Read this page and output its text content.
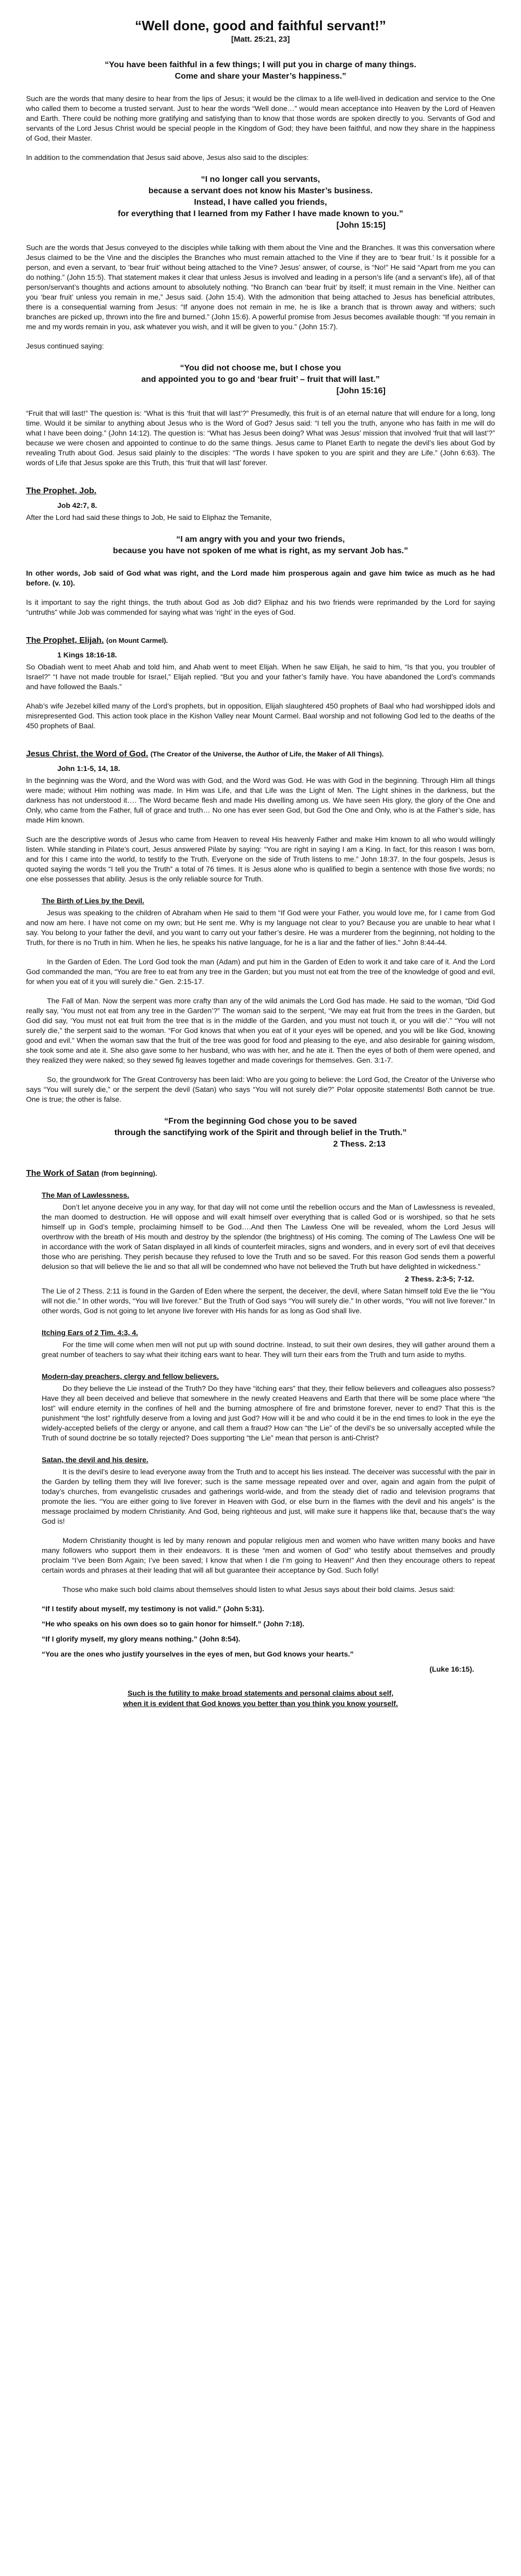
“Well done, good and faithful servant!”
[Matt. 25:21, 23]
“You have been faithful in a few things; I will put you in charge of many things.
Come and share your Master’s happiness.”

Such are the words that many desire to hear from the lips of Jesus; it would be the climax to a life well-lived in dedication and service to the One who called them to become a trusted servant. Just to hear the words “Well done…” would mean acceptance into Heaven by the Lord of Heaven and Earth. There could be nothing more gratifying and satisfying than to know that those words are spoken directly to you. Servants of God and servants of the Lord Jesus Christ would be special people in the Kingdom of God; they have been faithful, and now they share in the happiness of God, their Master.

In addition to the commendation that Jesus said above, Jesus also said to the disciples:

“I no longer call you servants,
because a servant does not know his Master’s business.
Instead, I have called you friends,
for everything that I learned from my Father I have made known to you.”
[John 15:15]

Such are the words that Jesus conveyed to the disciples while talking with them about the Vine and the Branches. It was this conversation where Jesus claimed to be the Vine and the disciples the Branches who must remain attached to the Vine if they are to ‘bear fruit.’ Is it possible for a person, and even a servant, to ‘bear fruit’ without being attached to the Vine? Jesus’ answer, of course, is “No!” He said “Apart from me you can do nothing.” (John 15:5). That statement makes it clear that unless Jesus is involved and leading in a person’s life (and a servant’s life), all of that person/servant’s thoughts and actions amount to absolutely nothing. “No Branch can ‘bear fruit’ by itself; it must remain in the Vine. Neither can you ‘bear fruit’ unless you remain in me,” Jesus said. (John 15:4). With the admonition that being attached to Jesus has beneficial attributes, there is a consequential warning from Jesus: “If anyone does not remain in me, he is like a branch that is thrown away and withers; such branches are picked up, thrown into the fire and burned.” (John 15:6). A powerful promise from Jesus becomes available though: “If you remain in me and my words remain in you, ask whatever you wish, and it will be given to you.” (John 15:7).

Jesus continued saying:

“You did not choose me, but I chose you
and appointed you to go and ‘bear fruit’ – fruit that will last.”
[John 15:16]

“Fruit that will last!” The question is: “What is this ‘fruit that will last’?” Presumedly, this fruit is of an eternal nature that will endure for a long, long time. Would it be similar to anything about Jesus who is the Word of God? Jesus said: “I tell you the truth, anyone who has faith in me will do what I have been doing.” (John 14:12). The question is: “What has Jesus been doing? What was Jesus’ mission that involved ‘fruit that will last’?” because we were chosen and appointed to continue to do the same things. Jesus came to Planet Earth to negate the devil’s lies about God by revealing Truth about God. Jesus said plainly to the disciples: “The words I have spoken to you are spirit and they are Life.” (John 6:63). The words of Life that Jesus spoke are this Truth, this ‘fruit that will last’ forever.

The Prophet, Job.
Job 42:7, 8.

After the Lord had said these things to Job, He said to Eliphaz the Temanite,

“I am angry with you and your two friends,
because you have not spoken of me what is right, as my servant Job has.”

In other words, Job said of God what was right, and the Lord made him prosperous again and gave him twice as much as he had before. (v. 10).

Is it important to say the right things, the truth about God as Job did? Eliphaz and his two friends were reprimanded by the Lord for saying “untruths” while Job was commended for saying what was ‘right’ in the eyes of God.

The Prophet, Elijah. (on Mount Carmel).
1 Kings 18:16-18.

So Obadiah went to meet Ahab and told him, and Ahab went to meet Elijah. When he saw Elijah, he said to him, “Is that you, you troubler of Israel?” “I have not made trouble for Israel,” Elijah replied. “But you and your father’s family have. You have abandoned the Lord’s commands and have followed the Baals.”

Ahab’s wife Jezebel killed many of the Lord’s prophets, but in opposition, Elijah slaughtered 450 prophets of Baal who had worshipped idols and misrepresented God. This action took place in the Kishon Valley near Mount Carmel. Baal worship and not following God led to the deaths of the 450 prophets of Baal.

Jesus Christ, the Word of God. (The Creator of the Universe, the Author of Life, the Maker of All Things).
John 1:1-5, 14, 18.

In the beginning was the Word, and the Word was with God, and the Word was God. He was with God in the beginning. Through Him all things were made; without Him nothing was made. In Him was Life, and that Life was the Light of Men. The Light shines in the darkness, but the darkness has not understood it…. The Word became flesh and made His dwelling among us. We have seen His glory, the glory of the One and Only, who came from the Father, full of grace and truth… No one has ever seen God, but God the One and Only, who is at the Father’s side, has made Him known.

Such are the descriptive words of Jesus who came from Heaven to reveal His heavenly Father and make Him known to all who would willingly listen. While standing in Pilate’s court, Jesus answered Pilate by saying: “You are right in saying I am a King. In fact, for this reason I was born, and for this I came into the world, to testify to the Truth. Everyone on the side of Truth listens to me.” John 18:37. In the four gospels, Jesus is quoted saying the words “I tell you the Truth” a total of 76 times. It is Jesus alone who is qualified to begin a sentence with those five words; no one else possesses that ability. Jesus is the only reliable source for Truth.

The Birth of Lies by the Devil.

Jesus was speaking to the children of Abraham when He said to them “If God were your Father, you would love me, for I came from God and now am here. I have not come on my own; but He sent me. Why is my language not clear to you? Because you are unable to hear what I say. You belong to your father the devil, and you want to carry out your father’s desire. He was a murderer from the beginning, not holding to the Truth, for there is no Truth in him. When he lies, he speaks his native language, for he is a liar and the father of lies.” John 8:44-44.

In the Garden of Eden. The Lord God took the man (Adam) and put him in the Garden of Eden to work it and take care of it. And the Lord God commanded the man, “You are free to eat from any tree in the Garden; but you must not eat from the tree of the knowledge of good and evil, for when you eat of it you will surely die.” Gen. 2:15-17.

The Fall of Man. Now the serpent was more crafty than any of the wild animals the Lord God has made. He said to the woman, “Did God really say, ‘You must not eat from any tree in the Garden’?” The woman said to the serpent, “We may eat fruit from the trees in the Garden, but God did say, ‘You must not eat fruit from the tree that is in the middle of the Garden, and you must not touch it, or you will die’.” “You will not surely die,” the serpent said to the woman. “For God knows that when you eat of it your eyes will be opened, and you will be like God, knowing good and evil.” When the woman saw that the fruit of the tree was good for food and pleasing to the eye, and also desirable for gaining wisdom, she took some and ate it. She also gave some to her husband, who was with her, and he ate it. Then the eyes of both of them were opened, and they realized they were naked; so they sewed fig leaves together and made coverings for themselves. Gen. 3:1-7.

So, the groundwork for The Great Controversy has been laid: Who are you going to believe: the Lord God, the Creator of the Universe who says “You will surely die,” or the serpent the devil (Satan) who says “You will not surely die?” Polar opposite statements! Both cannot be true. One is true; the other is false.

“From the beginning God chose you to be saved
through the sanctifying work of the Spirit and through belief in the Truth.”
2 Thess. 2:13
The Work of Satan (from beginning).
The Man of Lawlessness.

Don’t let anyone deceive you in any way, for that day will not come until the rebellion occurs and the Man of Lawlessness is revealed, the man doomed to destruction. He will oppose and will exalt himself over everything that is called God or is worshiped, so that he sets himself up in God’s temple, proclaiming himself to be God….And then The Lawless One will be revealed, whom the Lord Jesus will overthrow with the breath of His mouth and destroy by the splendor (the brightness) of His coming. The coming of The Lawless One will be in accordance with the work of Satan displayed in all kinds of counterfeit miracles, signs and wonders, and in every sort of evil that deceives those who are perishing. They perish because they refused to love the Truth and so be saved. For this reason God sends them a powerful delusion so that will believe the lie and so that all will be condemned who have not believed the Truth but have delighted in wickedness.”

2 Thess. 2:3-5; 7-12.

The Lie of 2 Thess. 2:11 is found in the Garden of Eden where the serpent, the deceiver, the devil, where Satan himself told Eve the lie “You will not die.” In other words, “You will live forever.” But the Truth of God says “You will surely die.” In other words, “You will not live forever.” In other words, God is not going to let anyone live forever with His hands for as long as God shall live.

Itching Ears of 2 Tim. 4:3, 4.

For the time will come when men will not put up with sound doctrine. Instead, to suit their own desires, they will gather around them a great number of teachers to say what their itching ears want to hear. They will turn their ears from the Truth and turn aside to myths.

Modern-day preachers, clergy and fellow believers.

Do they believe the Lie instead of the Truth? Do they have “itching ears” that they, their fellow believers and colleagues also possess? Have they all been deceived and believe that somewhere in the newly created Heavens and Earth that there will be some place where “the lost” will endure eternity in the confines of hell and the burning atmosphere of fire and brimstone forever, never to end? That this is the punishment “the lost” rightfully deserve from a loving and just God? How will it be and who could it be in the end times to look in the eye the widely-accepted beliefs of the clergy or anyone, and call them a fraud? How can “the Lie” of the devil’s be so universally accepted while the Truth of sound doctrine be so totally rejected? Does supporting “the Lie” mean that person is anti-Christ?

Satan, the devil and his desire.

It is the devil’s desire to lead everyone away from the Truth and to accept his lies instead. The deceiver was successful with the pair in the Garden by telling them they will live forever; such is the same message repeated over and over, again and again from the pulpit of today’s churches, from evangelistic crusades and gatherings world-wide, and from the steady diet of radio and television programs that promote the lies. “You are either going to live forever in Heaven with God, or else burn in the flames with the devil and his angels” is the message proclaimed by modern Christianity. And God, being righteous and just, will make sure it happens like that, because that’s the way God is!

Modern Christianity thought is led by many renown and popular religious men and women who have written many books and have many followers who support them in their endeavors. It is these “men and women of God” who testify about themselves and proudly proclaim “I’ve been Born Again; I’ve been saved; I know that when I die I’m going to Heaven!” And then they encourage others to repeat certain words and phrases at their leading that will all but guarantee their acceptance by God. Such folly!

Those who make such bold claims about themselves should listen to what Jesus says about their bold claims. Jesus said:

“If I testify about myself, my testimony is not valid.” (John 5:31).

“He who speaks on his own does so to gain honor for himself.” (John 7:18).

“If I glorify myself, my glory means nothing.” (John 8:54).

“You are the ones who justify yourselves in the eyes of men, but God knows your hearts.”

(Luke 16:15).

Such is the futility to make broad statements and personal claims about self,
when it is evident that God knows you better than you think you know yourself.
